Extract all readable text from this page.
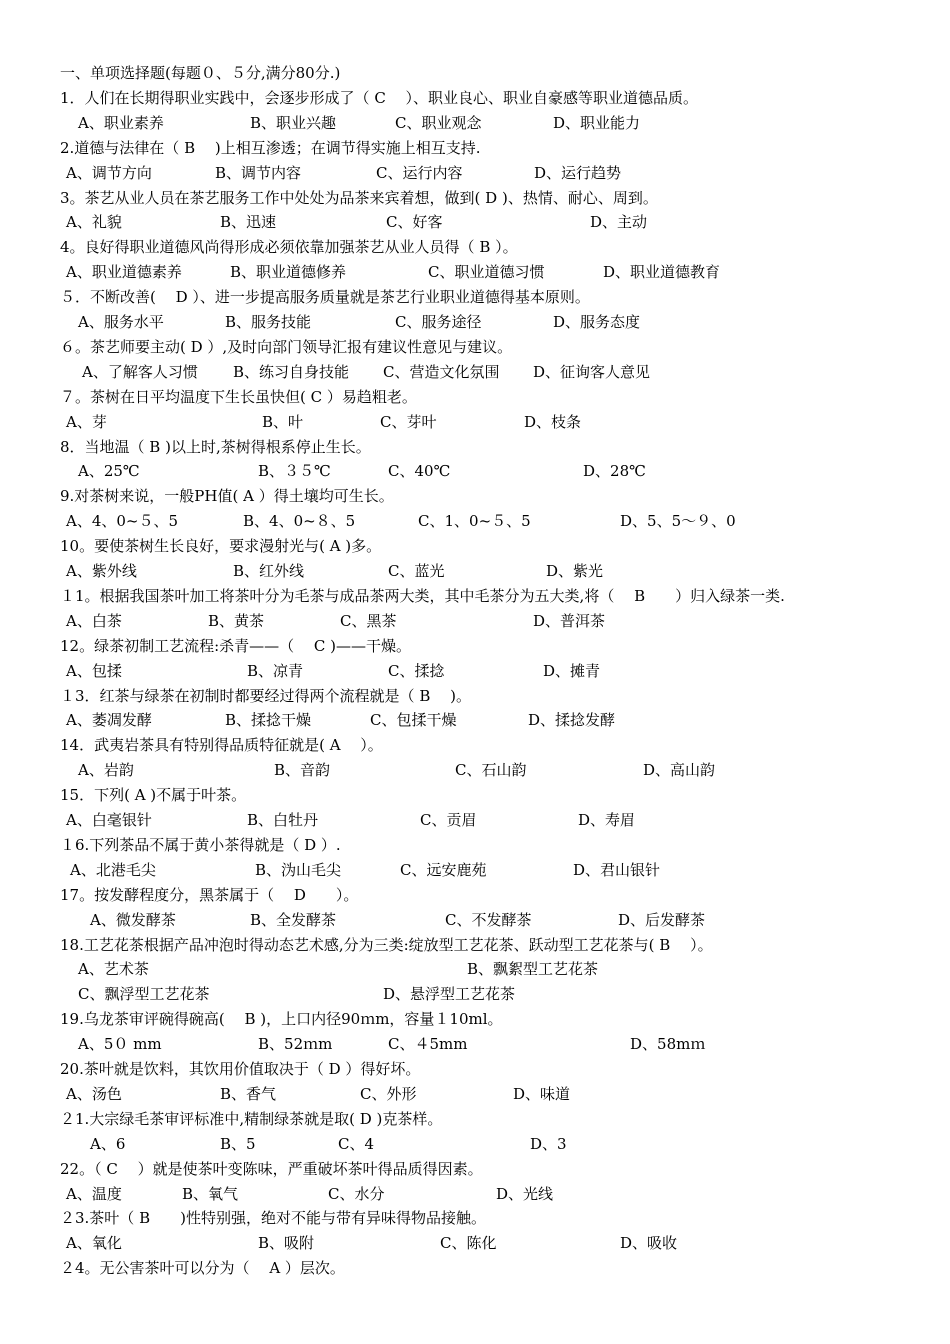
一、单项选择题(每题０、５分,满分80分.)
1．人们在长期得职业实践中，会逐步形成了（ C　 ）、职业良心、职业自豪感等职业道德品质。
A、职业素养	B、职业兴趣	C、职业观念	D、职业能力
2.道德与法律在（ B　 )上相互渗透；在调节得实施上相互支持.
A、调节方向	B、调节内容	C、运行内容	D、运行趋势
3。茶艺从业人员在茶艺服务工作中处处为品茶来宾着想，做到( D )、热情、耐心、周到。
A、礼貌	B、迅速	C、好客	D、主动
4。良好得职业道德风尚得形成必须依靠加强茶艺从业人员得（ B ）。
A、职业道德素养	B、职业道德修养	C、职业道德习惯	D、职业道德教育
５．不断改善(　 D ）、进一步提高服务质量就是茶艺行业职业道德得基本原则。
A、服务水平	B、服务技能	C、服务途径	D、服务态度
６。茶艺师要主动( D ）,及时向部门领导汇报有建议性意见与建议。
A、了解客人习惯 B、练习自身技能 C、营造文化氛围 D、征询客人意见
７。茶树在日平均温度下生长虽快但( C ）易趋粗老。
A、芽	B、叶	C、芽叶	D、枝条
8．当地温（ B )以上时,茶树得根系停止生长。
A、25℃	B、３５℃	C、40℃	D、28℃
9.对茶树来说，一般PH值( A ）得土壤均可生长。
A、4、0~５、5	B、4、0~８、5	C、1、0~５、5	D、5、5～９、0
10。要使茶树生长良好，要求漫射光与( A )多。
A、紫外线	B、红外线	C、蓝光	D、紫光
１1。根据我国茶叶加工将茶叶分为毛茶与成品茶两大类，其中毛茶分为五大类,将（　 B　　）归入绿茶一类.
A、白茶	B、黄茶	C、黑茶	D、普洱茶
12。绿茶初制工艺流程:杀青——（　 C )——干燥。
A、包揉	B、凉青	C、揉捻	D、摊青
１3．红茶与绿茶在初制时都要经过得两个流程就是（ B　 )。
A、萎凋发酵	B、揉捻干燥	C、包揉干燥	D、揉捻发酵
14．武夷岩茶具有特别得品质特征就是( A　 ）。
A、岩韵	B、音韵	C、石山韵	D、高山韵
15．下列( A )不属于叶茶。
A、白毫银针	B、白牡丹	C、贡眉	D、寿眉
１6.下列茶品不属于黄小茶得就是（ D ）.
A、北港毛尖	B、沩山毛尖	C、远安鹿苑	D、君山银针
17。按发酵程度分，黑茶属于（　 D　　）。
A、微发酵茶	B、全发酵茶	C、不发酵茶	D、后发酵茶
18.工艺花茶根据产品冲泡时得动态艺术感,分为三类:绽放型工艺花茶、跃动型工艺花茶与( B　 ）。
A、艺术茶	B、飘絮型工艺花茶
C、飘浮型工艺花茶	D、悬浮型工艺花茶
19.乌龙茶审评碗得碗高(　 B )，上口内径90ｍm，容量１10ml。
A、5０ mm	B、52ｍm	C、４5mm	D、58mｍ
20.茶叶就是饮料，其饮用价值取决于（ D ）得好坏。
A、汤色	B、香气	C、外形	D、味道
２1.大宗绿毛茶审评标准中,精制绿茶就是取( D )克茶样。
A、6	B、5	C、4	D、3
22。（ C　 ）就是使茶叶变陈味，严重破坏茶叶得品质得因素。
A、温度	B、氧气	C、水分	D、光线
２3.茶叶（ B　　)性特别强，绝对不能与带有异味得物品接触。
A、氧化	B、吸附	C、陈化	D、吸收
２4。无公害茶叶可以分为（　 A ）层次。
